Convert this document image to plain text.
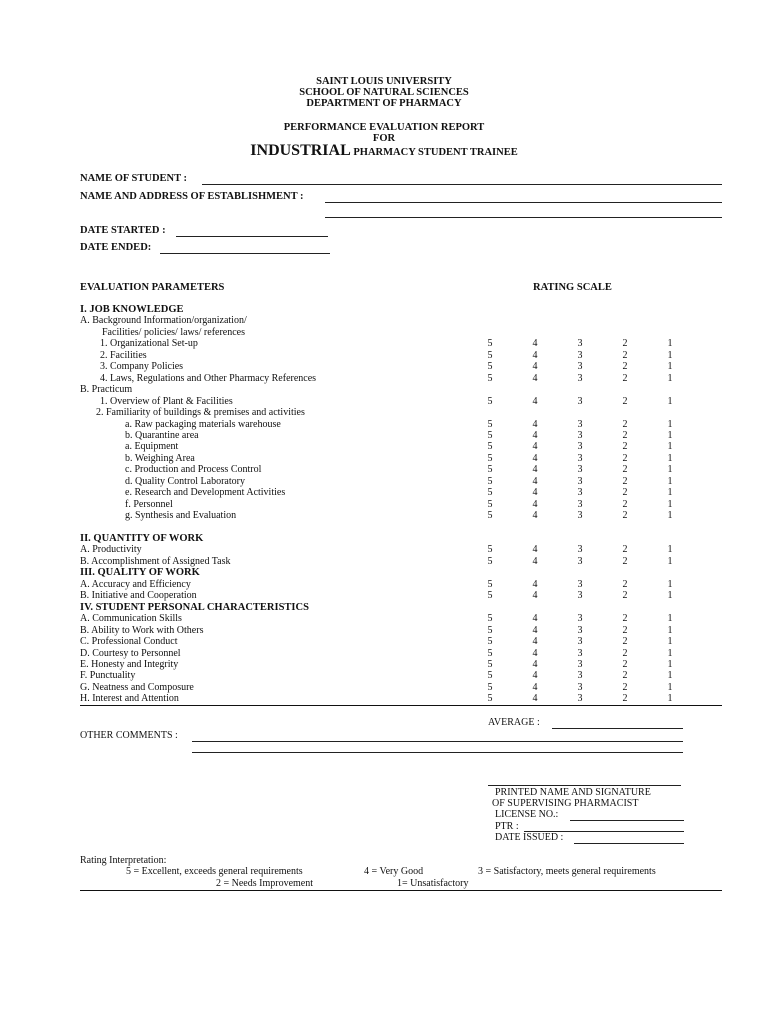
SAINT LOUIS UNIVERSITY
SCHOOL OF NATURAL SCIENCES
DEPARTMENT OF PHARMACY
PERFORMANCE EVALUATION REPORT
FOR
INDUSTRIAL PHARMACY STUDENT TRAINEE
NAME OF STUDENT :
NAME AND ADDRESS OF ESTABLISHMENT :
DATE STARTED :
DATE ENDED:
EVALUATION PARAMETERS	RATING SCALE
I. JOB KNOWLEDGE
A. Background Information/organization/
Facilities/ policies/ laws/ references
1. Organizational Set-up	5	4	3	2	1
2. Facilities	5	4	3	2	1
3. Company Policies	5	4	3	2	1
4. Laws, Regulations and Other Pharmacy References	5	4	3	2	1
B. Practicum
1. Overview of Plant & Facilities	5	4	3	2	1
2. Familiarity of buildings & premises and activities
a. Raw packaging materials warehouse	5	4	3	2	1
b. Quarantine area	5	4	3	2	1
a. Equipment	5	4	3	2	1
b. Weighing Area	5	4	3	2	1
c. Production and Process Control	5	4	3	2	1
d. Quality Control Laboratory	5	4	3	2	1
e. Research and Development Activities	5	4	3	2	1
f. Personnel	5	4	3	2	1
g. Synthesis and Evaluation	5	4	3	2	1
II. QUANTITY OF WORK
A. Productivity	5	4	3	2	1
B. Accomplishment of Assigned Task	5	4	3	2	1
III. QUALITY OF WORK
A. Accuracy and Efficiency	5	4	3	2	1
B. Initiative and Cooperation	5	4	3	2	1
IV. STUDENT PERSONAL CHARACTERISTICS
A. Communication Skills	5	4	3	2	1
B. Ability to Work with Others	5	4	3	2	1
C. Professional Conduct	5	4	3	2	1
D. Courtesy to Personnel	5	4	3	2	1
E. Honesty and Integrity	5	4	3	2	1
F. Punctuality	5	4	3	2	1
G. Neatness and Composure	5	4	3	2	1
H. Interest and Attention	5	4	3	2	1
AVERAGE :
OTHER COMMENTS :
PRINTED NAME AND SIGNATURE
OF SUPERVISING PHARMACIST
LICENSE NO.:
PTR :
DATE ISSUED :
Rating Interpretation:
5 = Excellent, exceeds general requirements	4 = Very Good	3 = Satisfactory, meets general requirements
2 = Needs Improvement	1= Unsatisfactory
